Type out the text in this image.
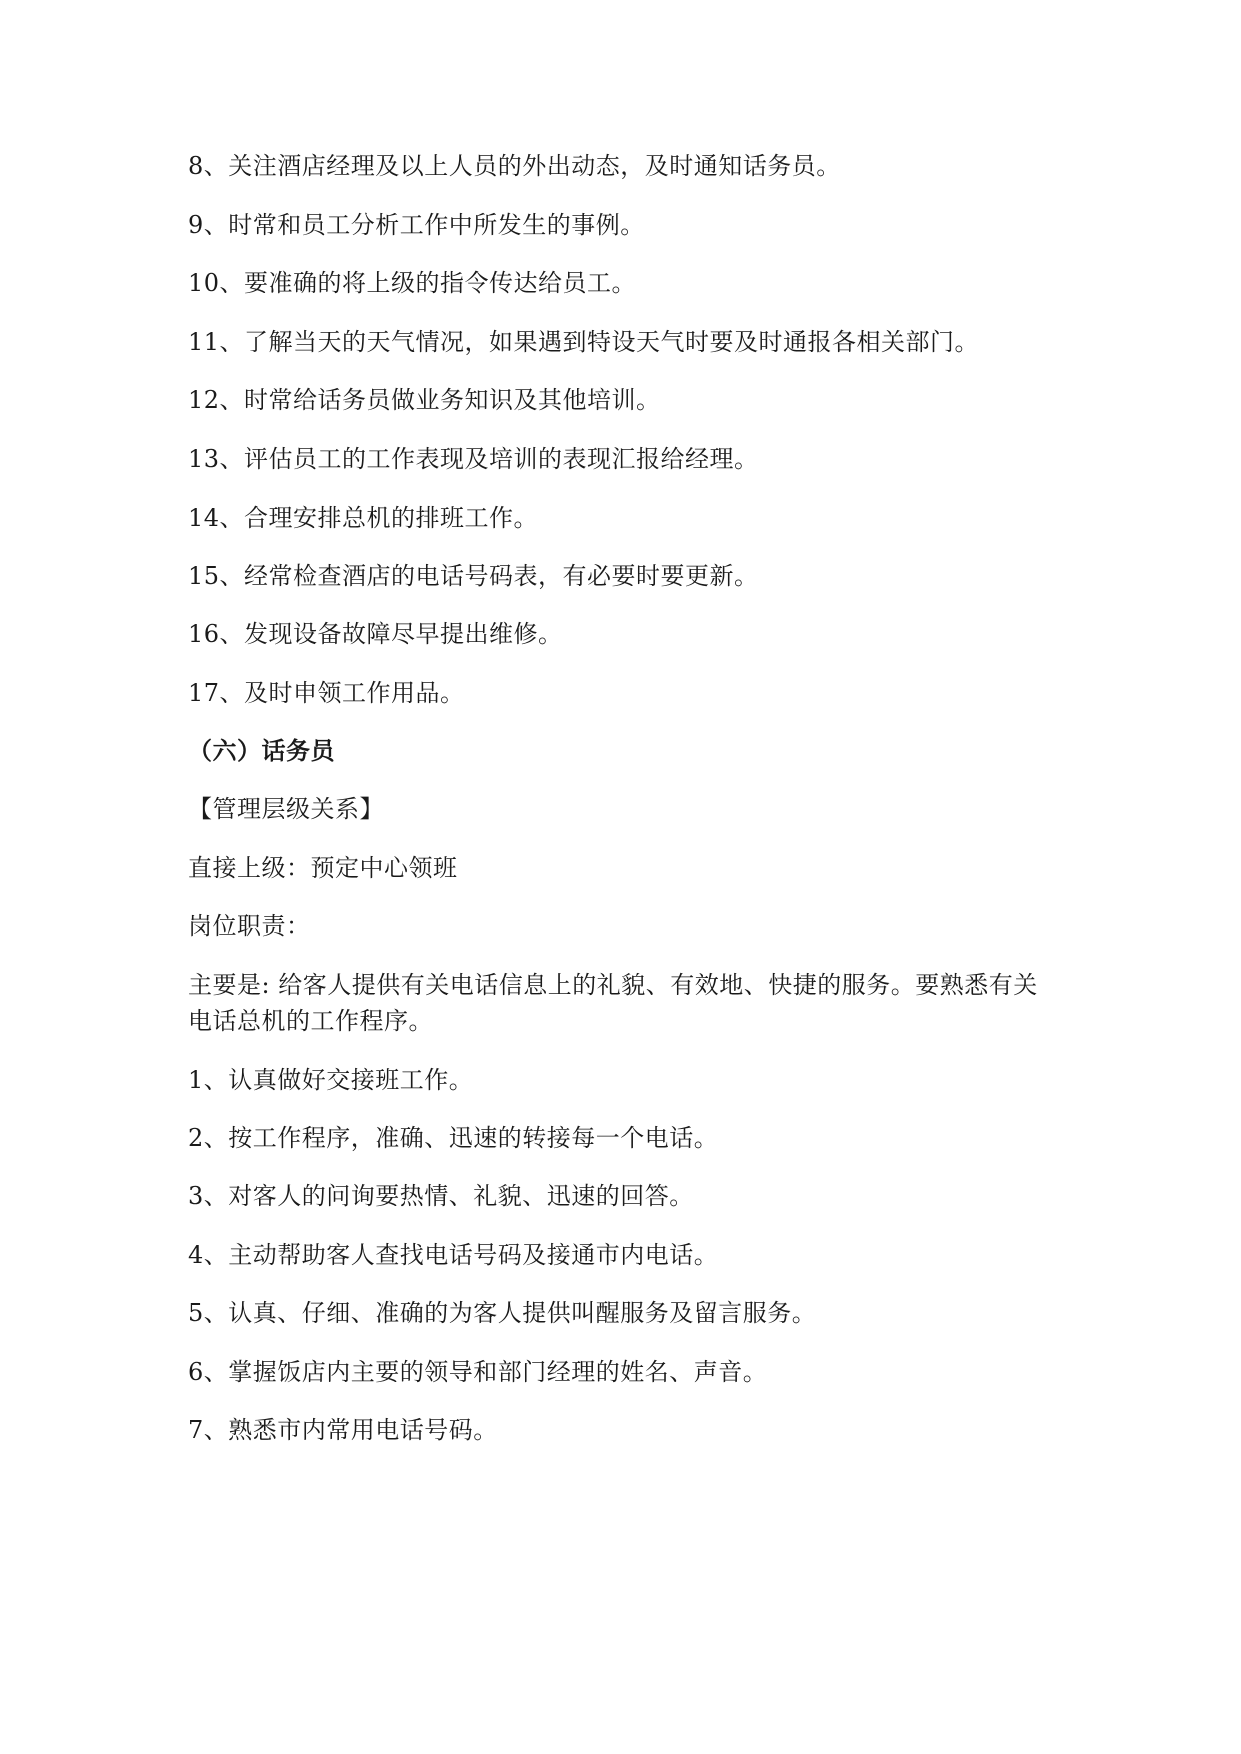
8、关注酒店经理及以上人员的外出动态，及时通知话务员。
9、时常和员工分析工作中所发生的事例。
10、要准确的将上级的指令传达给员工。
11、了解当天的天气情况，如果遇到特设天气时要及时通报各相关部门。
12、时常给话务员做业务知识及其他培训。
13、评估员工的工作表现及培训的表现汇报给经理。
14、合理安排总机的排班工作。
15、经常检查酒店的电话号码表，有必要时要更新。
16、发现设备故障尽早提出维修。
17、及时申领工作用品。
（六）话务员
【管理层级关系】
直接上级：预定中心领班
岗位职责：
主要是: 给客人提供有关电话信息上的礼貌、有效地、快捷的服务。要熟悉有关电话总机的工作程序。
1、认真做好交接班工作。
2、按工作程序，准确、迅速的转接每一个电话。
3、对客人的问询要热情、礼貌、迅速的回答。
4、主动帮助客人查找电话号码及接通市内电话。
5、认真、仔细、准确的为客人提供叫醒服务及留言服务。
6、掌握饭店内主要的领导和部门经理的姓名、声音。
7、熟悉市内常用电话号码。
